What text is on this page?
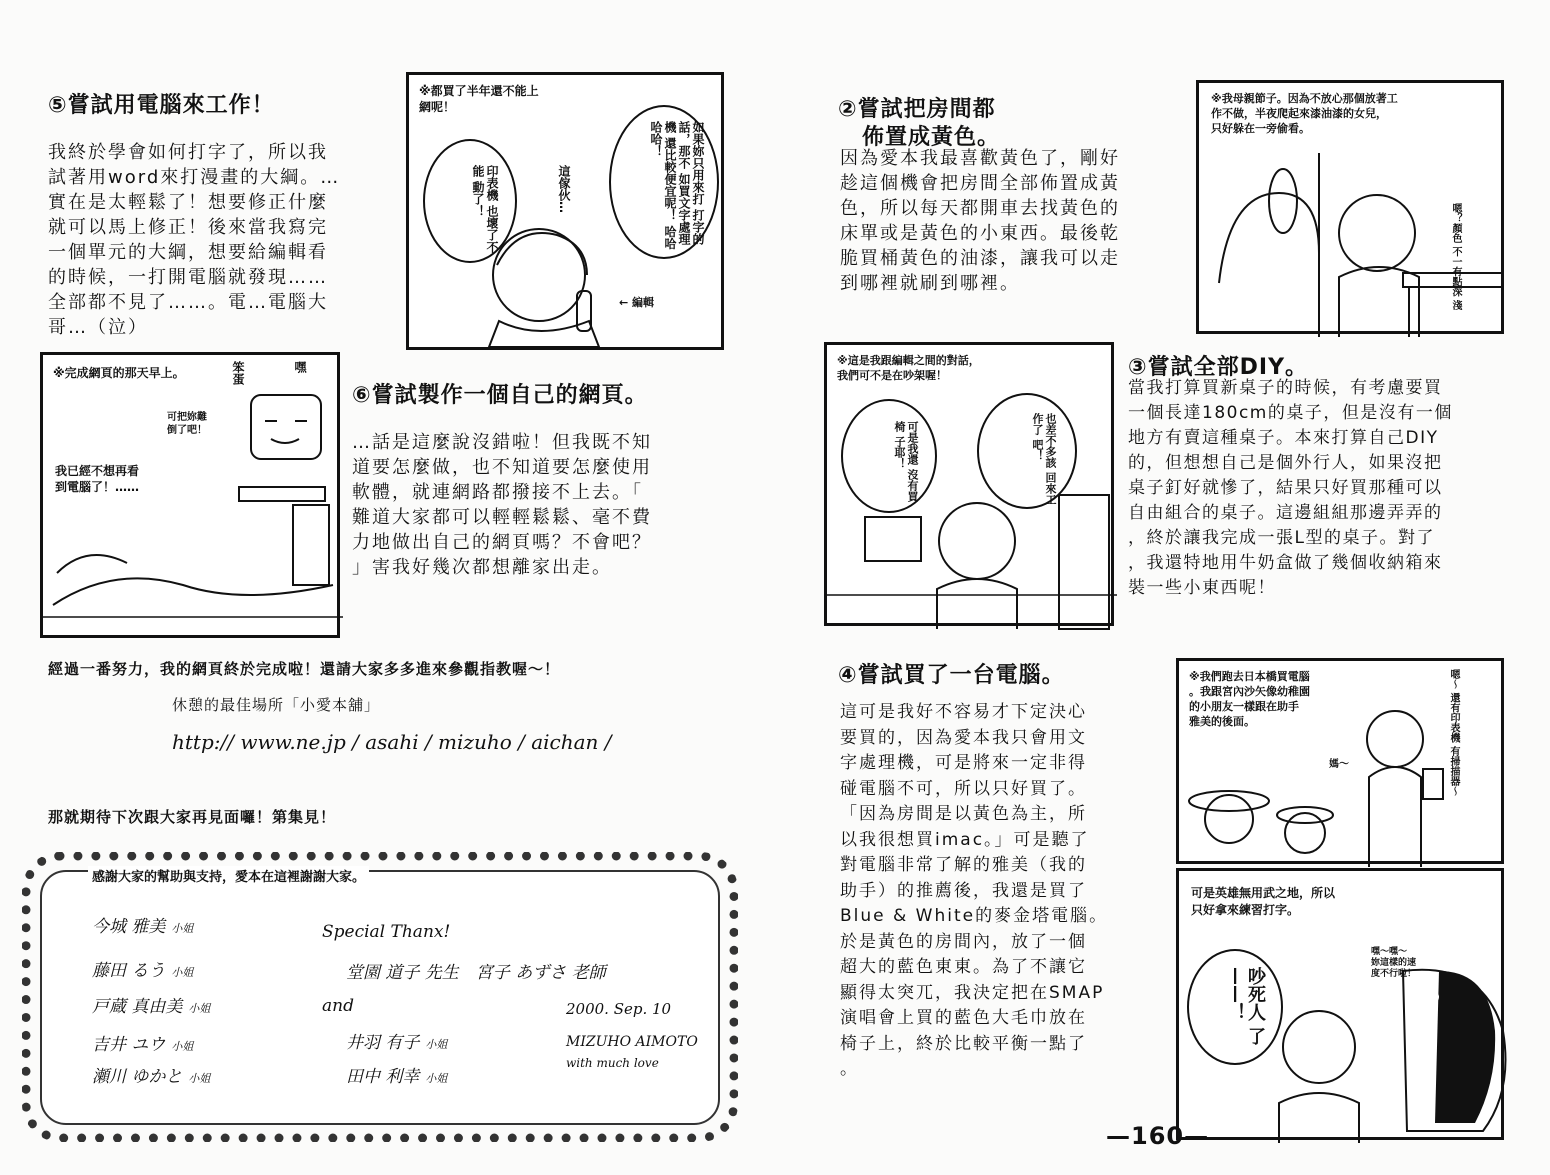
⑤嘗試用電腦來工作！
我終於學會如何打字了，所以我
試著用word來打漫畫的大綱。…
實在是太輕鬆了！想要修正什麼
就可以馬上修正！後來當我寫完
一個單元的大綱，想要給編輯看
的時候，一打開電腦就發現……
全部都不見了……。電…電腦大
哥…（泣）
※都買了半年還不能上
網呢！
如果妳只用來打 打字的話，那不 如買文字處理機 還比較便宜呢！ 哈哈哈哈！
印表機 也壞了不能 動了！	這傢伙…
← 編輯
※完成網頁的那天早上。	笨蛋	嘿
可把妳難
倒了吧！
我已經不想再看
到電腦了！……
⑥嘗試製作一個自己的網頁。
…話是這麼說沒錯啦！但我既不知
道要怎麼做，也不知道要怎麼使用
軟體，就連網路都撥接不上去。「
難道大家都可以輕輕鬆鬆、毫不費
力地做出自己的網頁嗎？不會吧？
」害我好幾次都想離家出走。
經過一番努力，我的網頁終於完成啦！還請大家多多進來參觀指教喔～！
休憩的最佳場所「小愛本舖」
http:// www.ne.jp / asahi / mizuho / aichan /
那就期待下次跟大家再見面囉！第集見！
感謝大家的幫助與支持，愛本在這裡謝謝大家。
今城 雅美 小姐
藤田 るう 小姐
戸蔵 真由美 小姐
吉井 ユウ 小姐
瀬川 ゆかと 小姐
Special Thanx!
堂園 道子 先生　宮子 あずさ 老師
and	2000. Sep. 10
井羽 有子 小姐
田中 利幸 小姐
MIZUHO AIMOTO
with much love
②嘗試把房間都
佈置成黃色。
因為愛本我最喜歡黃色了，剛好
趁這個機會把房間全部佈置成黃
色，所以每天都開車去找黃色的
床單或是黃色的小東西。最後乾
脆買桶黃色的油漆，讓我可以走
到哪裡就刷到哪裡。
※我母親節子。因為不放心那個放著工
作不做，半夜爬起來漆油漆的女兒，
只好躲在一旁偷看。
嗯？顏色 不一有點深 淺
※這是我跟編輯之間的對話，
我們可不是在吵架喔！
可是我還 沒有買椅 子耶！	也差不多該 回來工作了 吧！
③嘗試全部DIY。
當我打算買新桌子的時候，有考慮要買
一個長達180cm的桌子，但是沒有一個
地方有賣這種桌子。本來打算自己DIY
的，但想想自己是個外行人，如果沒把
桌子釘好就慘了，結果只好買那種可以
自由組合的桌子。這邊組組那邊弄弄的
，終於讓我完成一張L型的桌子。對了
，我還特地用牛奶盒做了幾個收納箱來
裝一些小東西呢！
④嘗試買了一台電腦。
這可是我好不容易才下定決心
要買的，因為愛本我只會用文
字處理機，可是將來一定非得
碰電腦不可，所以只好買了。
「因為房間是以黃色為主，所
以我很想買imac。」可是聽了
對電腦非常了解的雅美（我的
助手）的推薦後，我還是買了
Blue & White的麥金塔電腦。
於是黃色的房間內，放了一個
超大的藍色東東。為了不讓它
顯得太突兀，我決定把在SMAP
演唱會上買的藍色大毛巾放在
椅子上，終於比較平衡一點了
。
※我們跑去日本橋買電腦
。我跟宮內沙矢像幼稚園
的小朋友一樣跟在助手
雅美的後面。
嗯～ 還有印表機 有掃描器～
媽～
可是英雄無用武之地，所以
只好拿來練習打字。
吵死人 了——！
嘿～嘿～
妳這樣的速
度不行啦！
—160—
